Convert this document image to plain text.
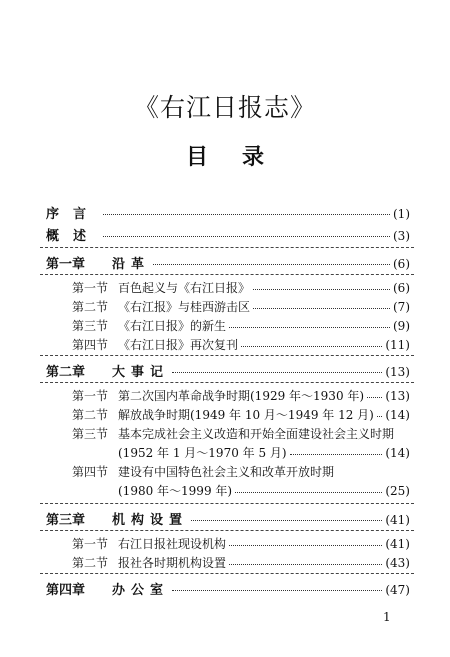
《右江日报志》
目录
序言	(1)
概述	(3)
第一章	沿革	(6)
第一节 百色起义与《右江日报》	(6)
第二节 《右江报》与桂西游击区	(7)
第三节 《右江日报》的新生	(9)
第四节 《右江日报》再次复刊	(11)
第二章	大事记	(13)
第一节 第二次国内革命战争时期(1929 年～1930 年) (13)
第二节 解放战争时期(1949 年 10 月～1949 年 12 月) (14)
第三节 基本完成社会主义改造和开始全面建设社会主义时期
(1952 年 1 月～1970 年 5 月)	(14)
第四节 建设有中国特色社会主义和改革开放时期
(1980 年～1999 年)	(25)
第三章	机构设置	(41)
第一节 右江日报社现设机构	(41)
第二节 报社各时期机构设置	(43)
第四章	办公室	(47)
1
